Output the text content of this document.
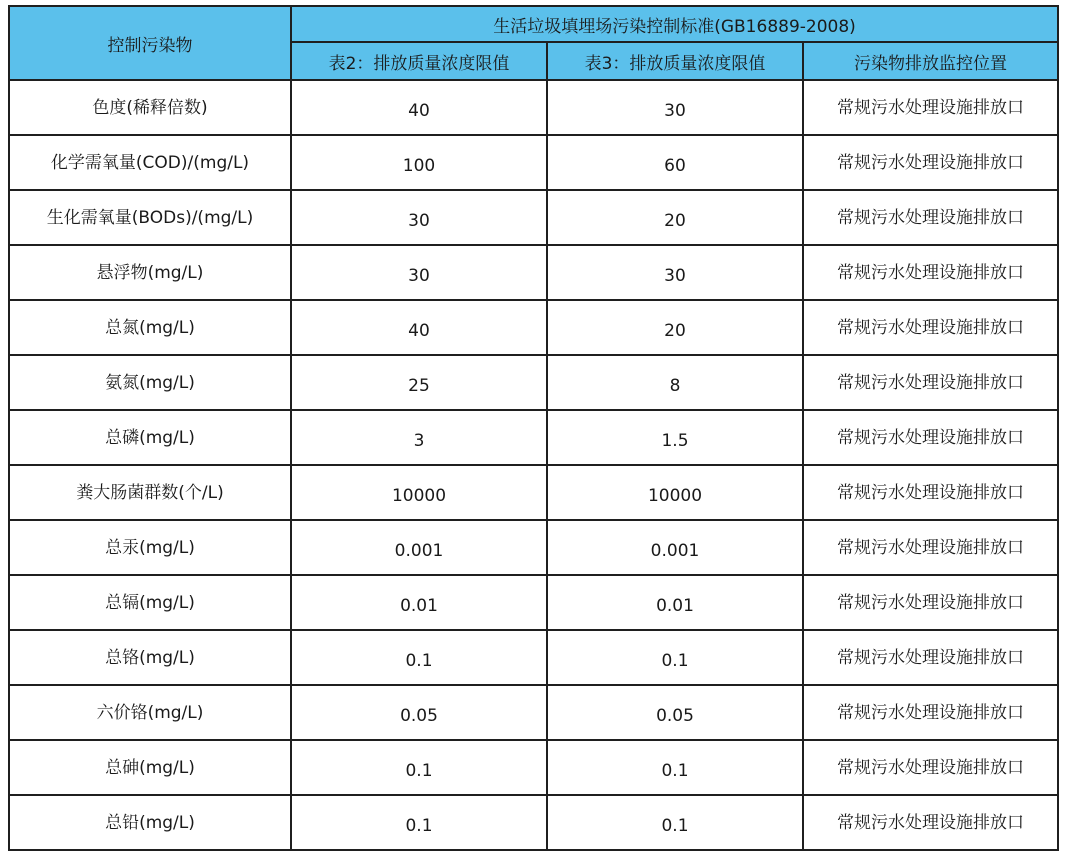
控制污染物	生活垃圾填埋场污染控制标准(GB16889-2008)		
	表2：排放质量浓度限值	表3：排放质量浓度限值	污染物排放监控位置
色度(稀释倍数)	40	30	常规污水处理设施排放口
化学需氧量(COD)/(mg/L)	100	60	常规污水处理设施排放口
生化需氧量(BODs)/(mg/L)	30	20	常规污水处理设施排放口
悬浮物(mg/L)	30	30	常规污水处理设施排放口
总氮(mg/L)	40	20	常规污水处理设施排放口
氨氮(mg/L)	25	8	常规污水处理设施排放口
总磷(mg/L)	3	1.5	常规污水处理设施排放口
粪大肠菌群数(个/L)	10000	10000	常规污水处理设施排放口
总汞(mg/L)	0.001	0.001	常规污水处理设施排放口
总镉(mg/L)	0.01	0.01	常规污水处理设施排放口
总铬(mg/L)	0.1	0.1	常规污水处理设施排放口
六价铬(mg/L)	0.05	0.05	常规污水处理设施排放口
总砷(mg/L)	0.1	0.1	常规污水处理设施排放口
总铅(mg/L)	0.1	0.1	常规污水处理设施排放口
